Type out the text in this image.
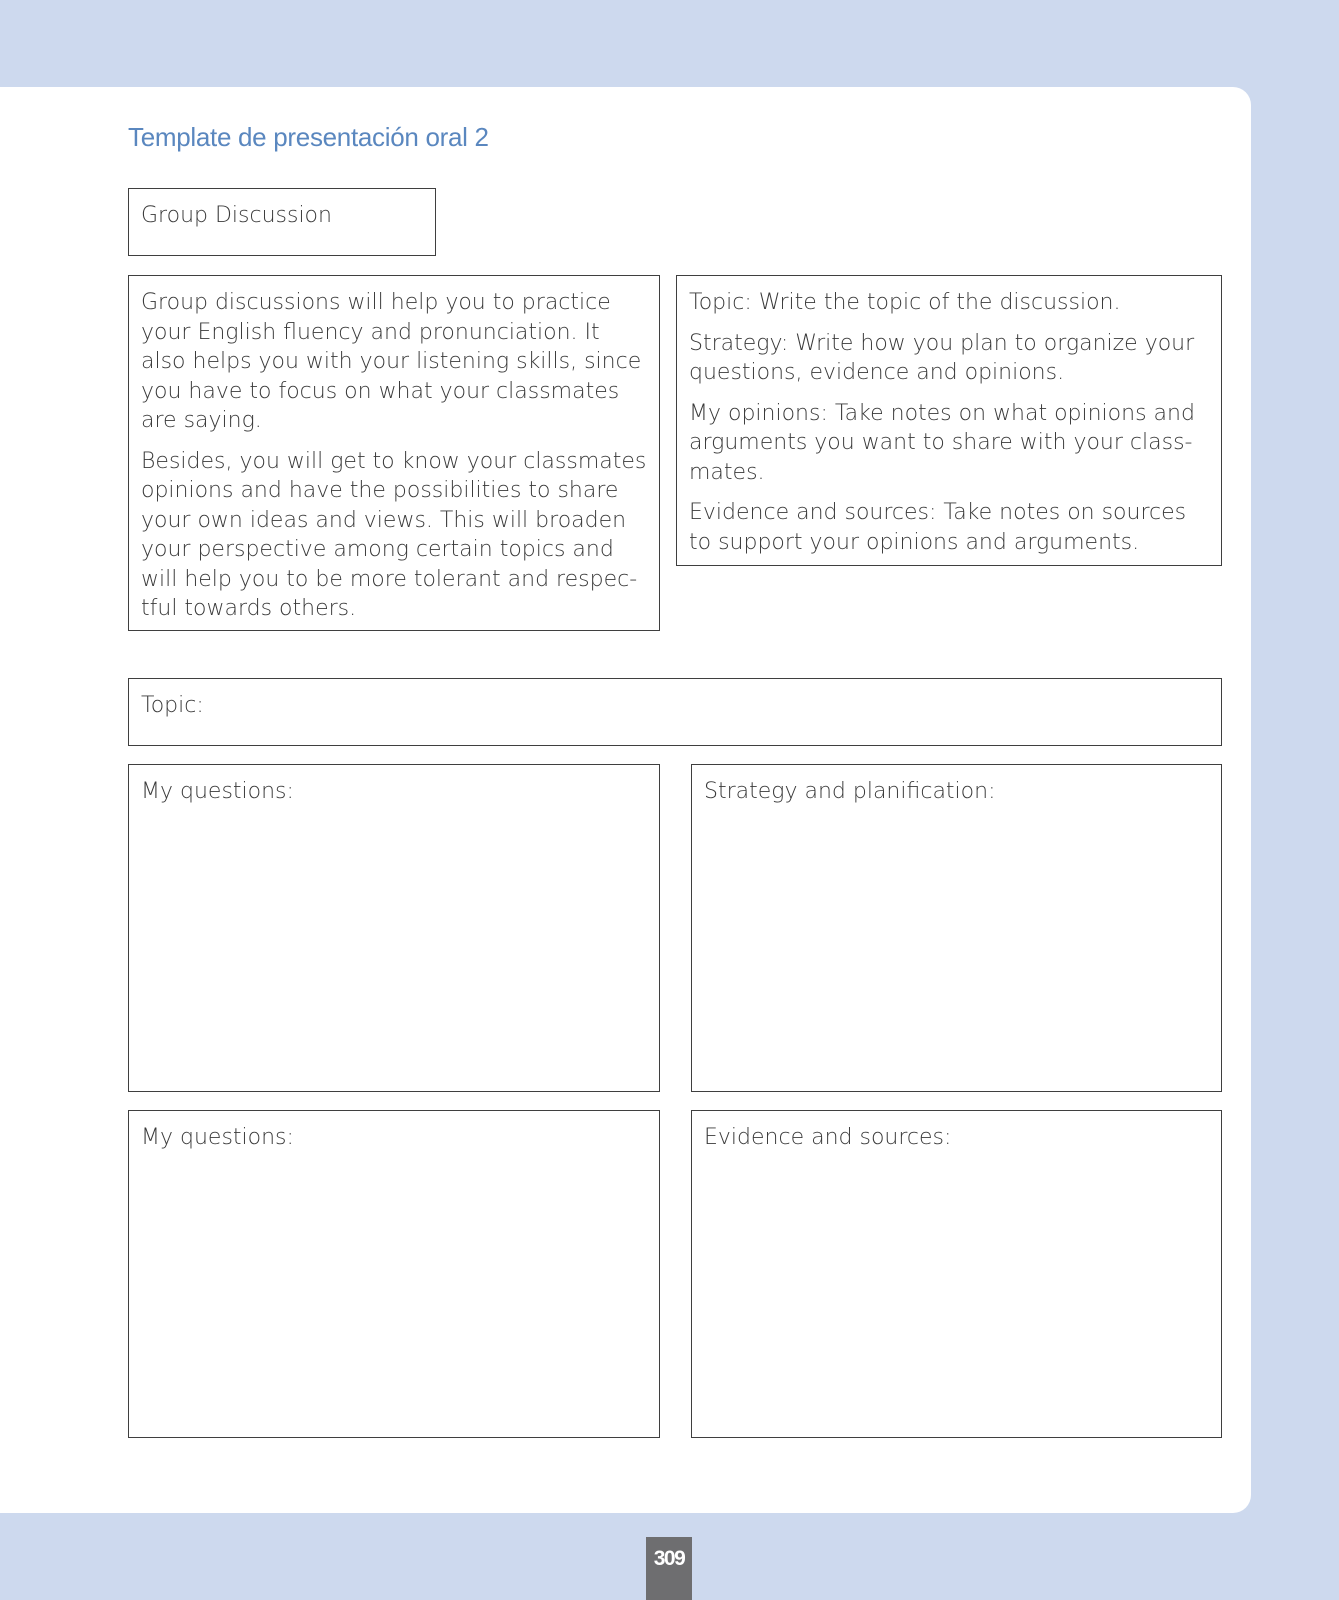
Template de presentación oral 2
Group Discussion

Group discussions will help you to practice your English fluency and pronunciation. It also helps you with your listening skills, since you have to focus on what your classmates are saying.

Besides, you will get to know your classmates opinions and have the possibilities to share your own ideas and views. This will broaden your perspective among certain topics and will help you to be more tolerant and respectful towards others.

Topic: Write the topic of the discussion.

Strategy: Write how you plan to organize your questions, evidence and opinions.

My opinions: Take notes on what opinions and arguments you want to share with your classmates.

Evidence and sources: Take notes on sources to support your opinions and arguments.

Topic:
My questions:	Strategy and planification:
My questions:	Evidence and sources:
309
